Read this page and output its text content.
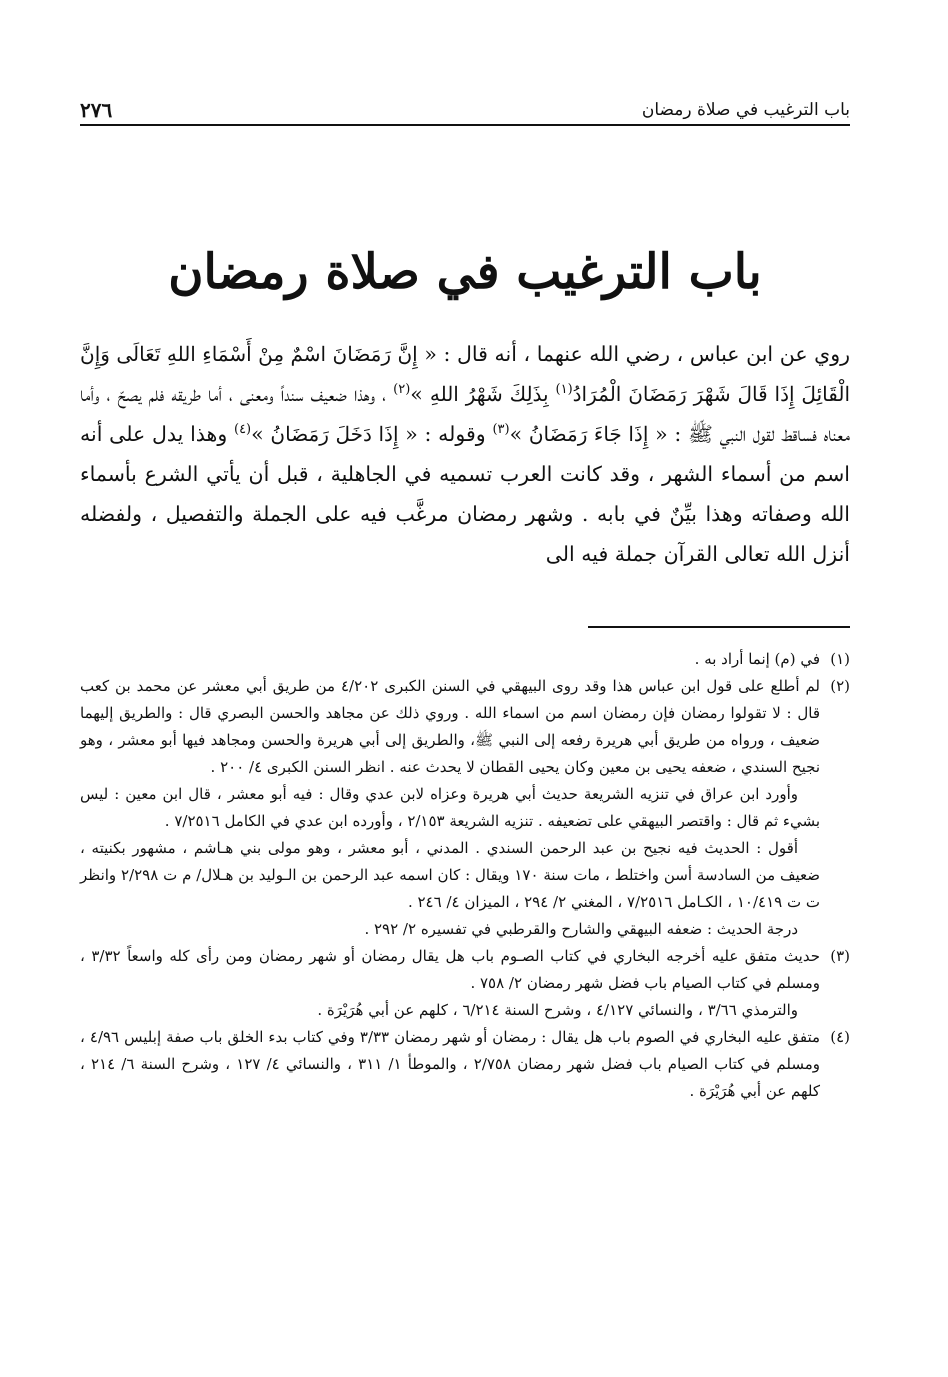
باب الترغيب في صلاة رمضان
٢٧٦
باب الترغيب في صلاة رمضان

روي عن ابن عباس ، رضي الله عنهما ، أنه قال : « إِنَّ رَمَضَانَ اسْمٌ مِنْ أَسْمَاءِ اللهِ تَعَالَى وَإِنَّ الْقَائِلَ إِذَا قَالَ شَهْرَ رَمَضَانَ الْمُرَادُ$^{(١)}$ بِذَلِكَ شَهْرُ اللهِ »$^{(٢)}$ ، وهذا ضعيف سنداً ومعنى ، أما طريقه فلم يصحّ ، وأما معناه فساقط لقول النبي ﷺ : « إِذَا جَاءَ رَمَضَانُ »$^{(٣)}$ وقوله : « إِذَا دَخَلَ رَمَضَانُ »$^{(٤)}$ وهذا يدل على أنه اسم من أسماء الشهر ، وقد كانت العرب تسميه في الجاهلية ، قبل أن يأتي الشرع بأسماء الله وصفاته وهذا بيِّنٌ في بابه . وشهر رمضان مرغَّب فيه على الجملة والتفصيل ، ولفضله أنزل الله تعالى القرآن جملة فيه الى

(١)في (م) إنما أراد به .

(٢)لم أطلع على قول ابن عباس هذا وقد روى البيهقي في السنن الكبرى ٤/٢٠٢ من طريق أبي معشر عن محمد بن كعب قال : لا تقولوا رمضان فإن رمضان اسم من اسماء الله . وروي ذلك عن مجاهد والحسن البصري قال : والطريق إليهما ضعيف ، ورواه من طريق أبي هريرة رفعه إلى النبي ﷺ، والطريق إلى أبي هريرة والحسن ومجاهد فيها أبو معشر ، وهو نجيح السندي ، ضعفه يحيى بن معين وكان يحيى القطان لا يحدث عنه . انظر السنن الكبرى ٤/ ٢٠٠ .

وأورد ابن عراق في تنزيه الشريعة حديث أبي هريرة وعزاه لابن عدي وقال : فيه أبو معشر ، قال ابن معين : ليس بشيء ثم قال : واقتصر البيهقي على تضعيفه . تنزيه الشريعة ٢/١٥٣ ، وأورده ابن عدي في الكامل ٧/٢٥١٦ .

أقول : الحديث فيه نجيح بن عبد الرحمن السندي . المدني ، أبو معشر ، وهو مولى بني هـاشم ، مشهور بكنيته ، ضعيف من السادسة أسن واختلط ، مات سنة ١٧٠ ويقال : كان اسمه عبد الرحمن بن الـوليد بن هـلال/ م ت ٢/٢٩٨ وانظر ت ت ١٠/٤١٩ ، الكـامل ٧/٢٥١٦ ، المغني ٢/ ٢٩٤ ، الميزان ٤/ ٢٤٦ .

درجة الحديث : ضعفه البيهقي والشارح والقرطبي في تفسيره ٢/ ٢٩٢ .

(٣)حديث متفق عليه أخرجه البخاري في كتاب الصـوم باب هل يقال رمضان أو شهر رمضان ومن رأى كله واسعاً ٣/٣٢ ، ومسلم في كتاب الصيام باب فضل شهر رمضان ٢/ ٧٥٨ .

والترمذي ٣/٦٦ ، والنسائي ٤/١٢٧ ، وشرح السنة ٦/٢١٤ ، كلهم عن أبي هُرَيْرَة .

(٤)متفق عليه البخاري في الصوم باب هل يقال : رمضان أو شهر رمضان ٣/٣٣ وفي كتاب بدء الخلق باب صفة إبليس ٤/٩٦ ، ومسلم في كتاب الصيام باب فضل شهر رمضان ٢/٧٥٨ ، والموطأ ١/ ٣١١ ، والنسائي ٤/ ١٢٧ ، وشرح السنة ٦/ ٢١٤ ، كلهم عن أبي هُرَيْرَة .
